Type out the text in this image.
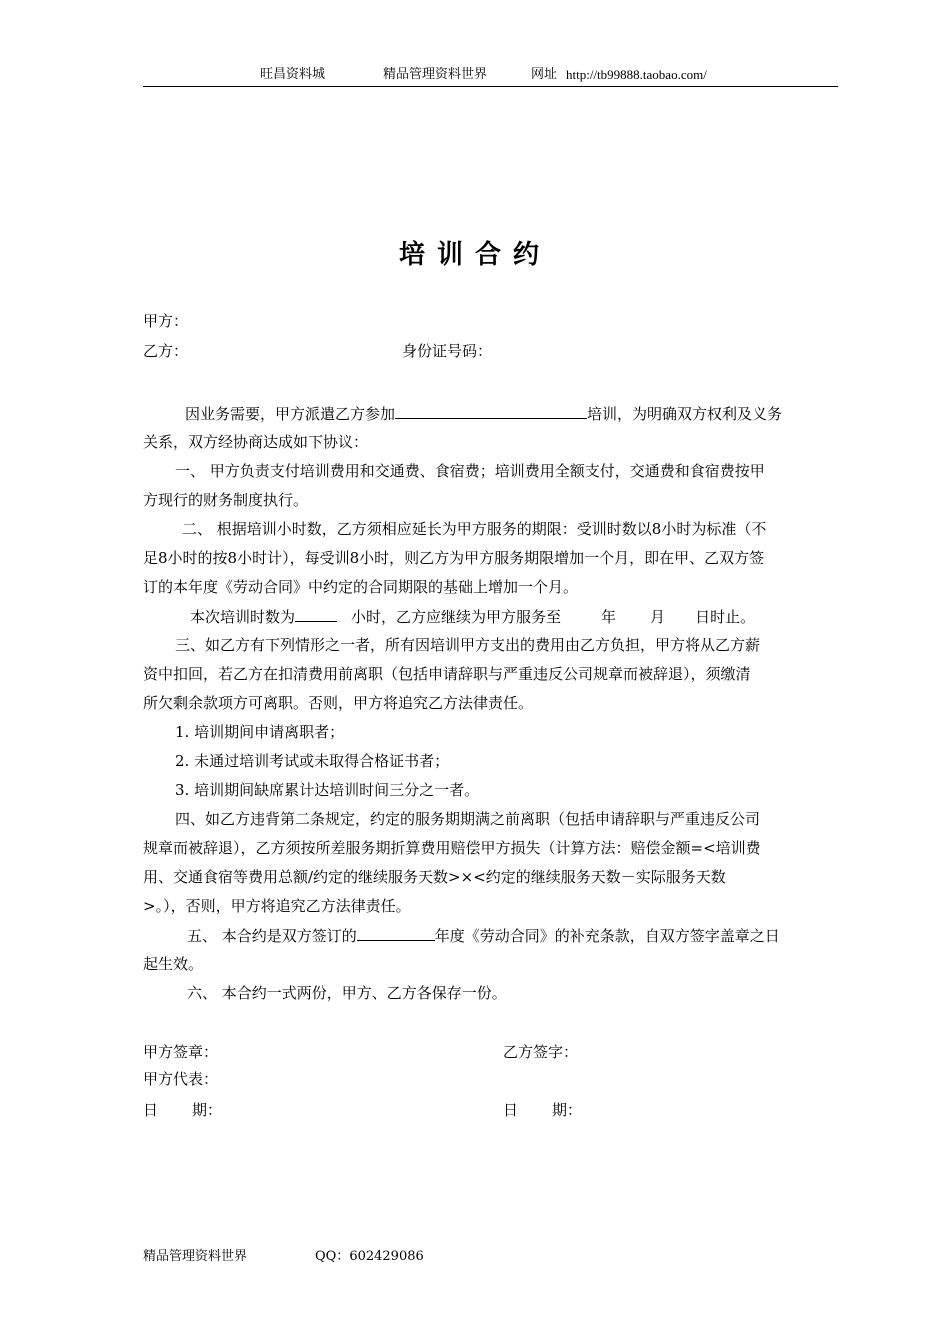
旺昌资料城	精品管理资料世界	网址 http://tb99888.taobao.com/
培训合约
甲方：
乙方：	身份证号码：
因业务需要，甲方派遣乙方参加	培训，为明确双方权利及义务
关系，双方经协商达成如下协议：
一、 甲方负责支付培训费用和交通费、食宿费；培训费用全额支付，交通费和食宿费按甲
方现行的财务制度执行。
二、 根据培训小时数，乙方须相应延长为甲方服务的期限：受训时数以8小时为标准（不
足8小时的按8小时计），每受训8小时，则乙方为甲方服务期限增加一个月，即在甲、乙双方签
订的本年度《劳动合同》中约定的合同期限的基础上增加一个月。
本次培训时数为	小时，乙方应继续为甲方服务至	年 月 日时止。
三、如乙方有下列情形之一者，所有因培训甲方支出的费用由乙方负担，甲方将从乙方薪
资中扣回，若乙方在扣清费用前离职（包括申请辞职与严重违反公司规章而被辞退），须缴清
所欠剩余款项方可离职。否则，甲方将追究乙方法律责任。
1. 培训期间申请离职者；
2. 未通过培训考试或未取得合格证书者；
3. 培训期间缺席累计达培训时间三分之一者。
四、如乙方违背第二条规定，约定的服务期期满之前离职（包括申请辞职与严重违反公司
规章而被辞退），乙方须按所差服务期折算费用赔偿甲方损失（计算方法：赔偿金额=<培训费
用、交通食宿等费用总额/约定的继续服务天数>×<约定的继续服务天数－实际服务天数
>。），否则，甲方将追究乙方法律责任。
五、 本合约是双方签订的	年度《劳动合同》的补充条款，自双方签字盖章之日
起生效。
六、 本合约一式两份，甲方、乙方各保存一份。
甲方签章：	乙方签字：
甲方代表：
日 期：	日 期：
精品管理资料世界	QQ：602429086
